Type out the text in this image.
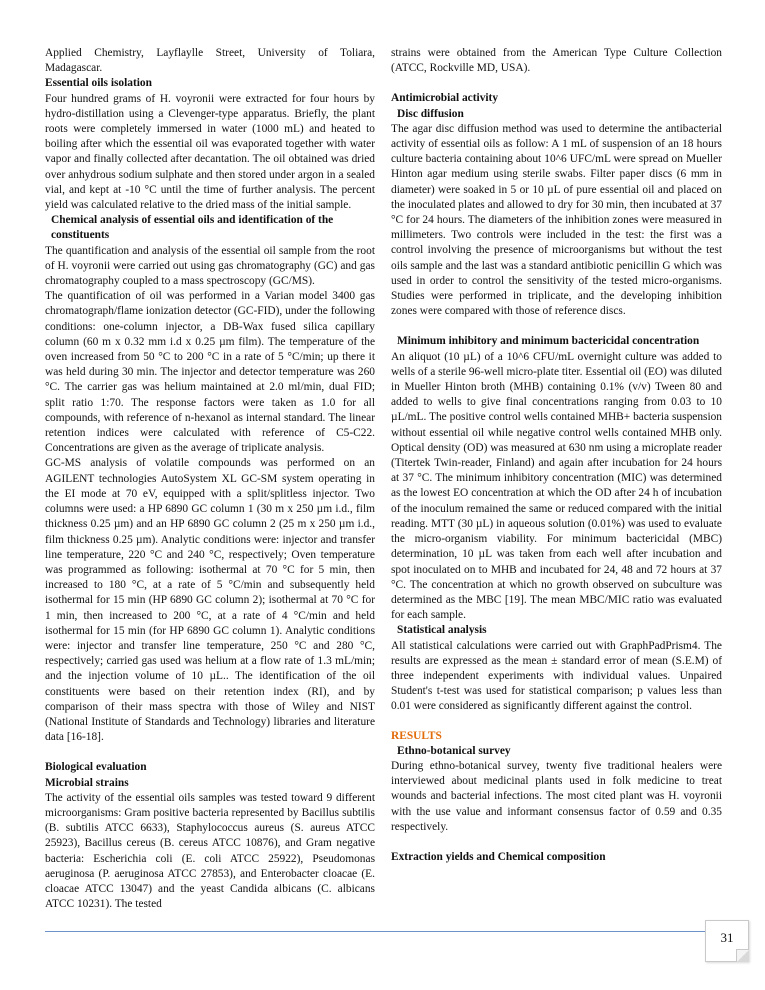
Applied Chemistry, Layflaylle Street, University of Toliara, Madagascar.

Essential oils isolation

Four hundred grams of H. voyronii were extracted for four hours by hydro-distillation using a Clevenger-type apparatus. Briefly, the plant roots were completely immersed in water (1000 mL) and heated to boiling after which the essential oil was evaporated together with water vapor and finally collected after decantation. The oil obtained was dried over anhydrous sodium sulphate and then stored under argon in a sealed vial, and kept at -10 °C until the time of further analysis. The percent yield was calculated relative to the dried mass of the initial sample.

Chemical analysis of essential oils and identification of the constituents

The quantification and analysis of the essential oil sample from the root of H. voyronii were carried out using gas chromatography (GC) and gas chromatography coupled to a mass spectroscopy (GC/MS).

The quantification of oil was performed in a Varian model 3400 gas chromatograph/flame ionization detector (GC-FID), under the following conditions: one-column injector, a DB-Wax fused silica capillary column (60 m x 0.32 mm i.d x 0.25 µm film). The temperature of the oven increased from 50 °C to 200 °C in a rate of 5 °C/min; up there it was held during 30 min. The injector and detector temperature was 260 °C. The carrier gas was helium maintained at 2.0 ml/min, dual FID; split ratio 1:70. The response factors were taken as 1.0 for all compounds, with reference of n-hexanol as internal standard. The linear retention indices were calculated with reference of C5-C22. Concentrations are given as the average of triplicate analysis.

GC-MS analysis of volatile compounds was performed on an AGILENT technologies AutoSystem XL GC-SM system operating in the EI mode at 70 eV, equipped with a split/splitless injector. Two columns were used: a HP 6890 GC column 1 (30 m x 250 µm i.d., film thickness 0.25 µm) and an HP 6890 GC column 2 (25 m x 250 µm i.d., film thickness 0.25 µm). Analytic conditions were: injector and transfer line temperature, 220 °C and 240 °C, respectively; Oven temperature was programmed as following: isothermal at 70 °C for 5 min, then increased to 180 °C, at a rate of 5 °C/min and subsequently held isothermal for 15 min (HP 6890 GC column 2); isothermal at 70 °C for 1 min, then increased to 200 °C, at a rate of 4 °C/min and held isothermal for 15 min (for HP 6890 GC column 1). Analytic conditions were: injector and transfer line temperature, 250 °C and 280 °C, respectively; carried gas used was helium at a flow rate of 1.3 mL/min; and the injection volume of 10 µL.. The identification of the oil constituents were based on their retention index (RI), and by comparison of their mass spectra with those of Wiley and NIST (National Institute of Standards and Technology) libraries and literature data [16-18].

Biological evaluation
Microbial strains

The activity of the essential oils samples was tested toward 9 different microorganisms: Gram positive bacteria represented by Bacillus subtilis (B. subtilis ATCC 6633), Staphylococcus aureus (S. aureus ATCC 25923), Bacillus cereus (B. cereus ATCC 10876), and Gram negative bacteria: Escherichia coli (E. coli ATCC 25922), Pseudomonas aeruginosa (P. aeruginosa ATCC 27853), and Enterobacter cloacae (E. cloacae ATCC 13047) and the yeast Candida albicans (C. albicans ATCC 10231). The tested

strains were obtained from the American Type Culture Collection (ATCC, Rockville MD, USA).

Antimicrobial activity
Disc diffusion

The agar disc diffusion method was used to determine the antibacterial activity of essential oils as follow: A 1 mL of suspension of an 18 hours culture bacteria containing about 10^6 UFC/mL were spread on Mueller Hinton agar medium using sterile swabs. Filter paper discs (6 mm in diameter) were soaked in 5 or 10 µL of pure essential oil and placed on the inoculated plates and allowed to dry for 30 min, then incubated at 37 °C for 24 hours. The diameters of the inhibition zones were measured in millimeters. Two controls were included in the test: the first was a control involving the presence of microorganisms but without the test oils sample and the last was a standard antibiotic penicillin G which was used in order to control the sensitivity of the tested micro-organisms. Studies were performed in triplicate, and the developing inhibition zones were compared with those of reference discs.

Minimum inhibitory and minimum bactericidal concentration

An aliquot (10 µL) of a 10^6 CFU/mL overnight culture was added to wells of a sterile 96-well micro-plate titer. Essential oil (EO) was diluted in Mueller Hinton broth (MHB) containing 0.1% (v/v) Tween 80 and added to wells to give final concentrations ranging from 0.03 to 10 µL/mL. The positive control wells contained MHB+ bacteria suspension without essential oil while negative control wells contained MHB only. Optical density (OD) was measured at 630 nm using a microplate reader (Titertek Twin-reader, Finland) and again after incubation for 24 hours at 37 °C. The minimum inhibitory concentration (MIC) was determined as the lowest EO concentration at which the OD after 24 h of incubation of the inoculum remained the same or reduced compared with the initial reading. MTT (30 µL) in aqueous solution (0.01%) was used to evaluate the micro-organism viability. For minimum bactericidal (MBC) determination, 10 µL was taken from each well after incubation and spot inoculated on to MHB and incubated for 24, 48 and 72 hours at 37 °C. The concentration at which no growth observed on subculture was determined as the MBC [19]. The mean MBC/MIC ratio was evaluated for each sample.

Statistical analysis

All statistical calculations were carried out with GraphPadPrism4. The results are expressed as the mean ± standard error of mean (S.E.M) of three independent experiments with individual values. Unpaired Student's t-test was used for statistical comparison; p values less than 0.01 were considered as significantly different against the control.

RESULTS
Ethno-botanical survey

During ethno-botanical survey, twenty five traditional healers were interviewed about medicinal plants used in folk medicine to treat wounds and bacterial infections. The most cited plant was H. voyronii with the use value and informant consensus factor of 0.59 and 0.35 respectively.

Extraction yields and Chemical composition
31
